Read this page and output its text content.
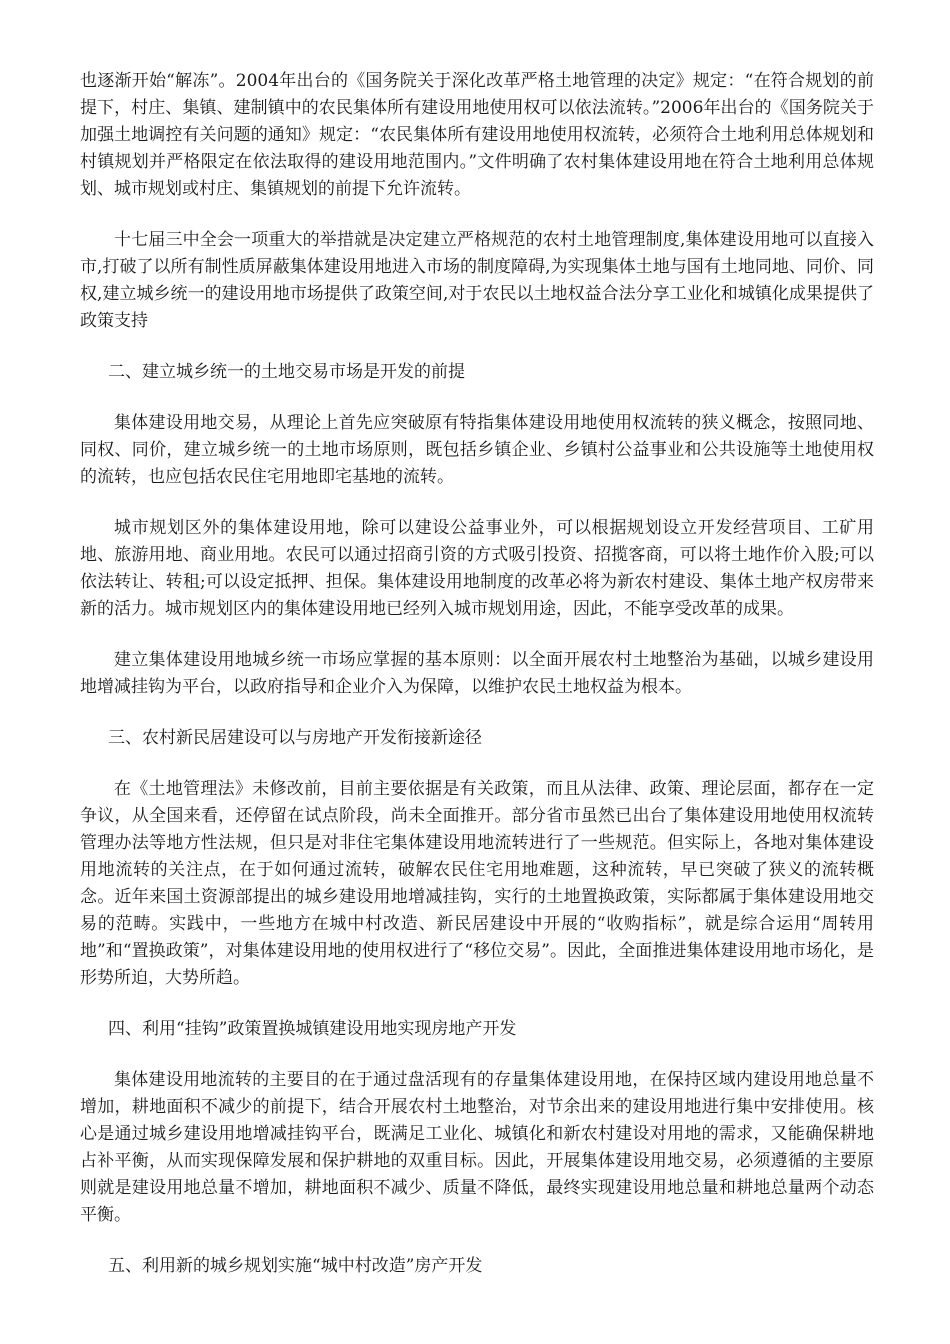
也逐渐开始“解冻”。2004年出台的《国务院关于深化改革严格土地管理的决定》规定：“在符合规划的前提下，村庄、集镇、建制镇中的农民集体所有建设用地使用权可以依法流转。”2006年出台的《国务院关于加强土地调控有关问题的通知》规定：“农民集体所有建设用地使用权流转，必须符合土地利用总体规划和村镇规划并严格限定在依法取得的建设用地范围内。”文件明确了农村集体建设用地在符合土地利用总体规划、城市规划或村庄、集镇规划的前提下允许流转。

十七届三中全会一项重大的举措就是决定建立严格规范的农村土地管理制度,集体建设用地可以直接入市,打破了以所有制性质屏蔽集体建设用地进入市场的制度障碍,为实现集体土地与国有土地同地、同价、同权,建立城乡统一的建设用地市场提供了政策空间,对于农民以土地权益合法分享工业化和城镇化成果提供了政策支持

二、建立城乡统一的土地交易市场是开发的前提

集体建设用地交易，从理论上首先应突破原有特指集体建设用地使用权流转的狭义概念，按照同地、同权、同价，建立城乡统一的土地市场原则，既包括乡镇企业、乡镇村公益事业和公共设施等土地使用权的流转，也应包括农民住宅用地即宅基地的流转。

城市规划区外的集体建设用地，除可以建设公益事业外，可以根据规划设立开发经营项目、工矿用地、旅游用地、商业用地。农民可以通过招商引资的方式吸引投资、招揽客商，可以将土地作价入股;可以依法转让、转租;可以设定抵押、担保。集体建设用地制度的改革必将为新农村建设、集体土地产权房带来新的活力。城市规划区内的集体建设用地已经列入城市规划用途，因此，不能享受改革的成果。

建立集体建设用地城乡统一市场应掌握的基本原则：以全面开展农村土地整治为基础，以城乡建设用地增减挂钩为平台，以政府指导和企业介入为保障，以维护农民土地权益为根本。

三、农村新民居建设可以与房地产开发衔接新途径

在《土地管理法》未修改前，目前主要依据是有关政策，而且从法律、政策、理论层面，都存在一定争议，从全国来看，还停留在试点阶段，尚未全面推开。部分省市虽然已出台了集体建设用地使用权流转管理办法等地方性法规，但只是对非住宅集体建设用地流转进行了一些规范。但实际上，各地对集体建设用地流转的关注点，在于如何通过流转，破解农民住宅用地难题，这种流转，早已突破了狭义的流转概念。近年来国土资源部提出的城乡建设用地增减挂钩，实行的土地置换政策，实际都属于集体建设用地交易的范畴。实践中，一些地方在城中村改造、新民居建设中开展的“收购指标”，就是综合运用“周转用地”和“置换政策”，对集体建设用地的使用权进行了“移位交易”。因此，全面推进集体建设用地市场化，是形势所迫，大势所趋。

四、利用“挂钩”政策置换城镇建设用地实现房地产开发

集体建设用地流转的主要目的在于通过盘活现有的存量集体建设用地，在保持区域内建设用地总量不增加，耕地面积不减少的前提下，结合开展农村土地整治，对节余出来的建设用地进行集中安排使用。核心是通过城乡建设用地增减挂钩平台，既满足工业化、城镇化和新农村建设对用地的需求，又能确保耕地占补平衡，从而实现保障发展和保护耕地的双重目标。因此，开展集体建设用地交易，必须遵循的主要原则就是建设用地总量不增加，耕地面积不减少、质量不降低，最终实现建设用地总量和耕地总量两个动态平衡。

五、利用新的城乡规划实施“城中村改造”房产开发
